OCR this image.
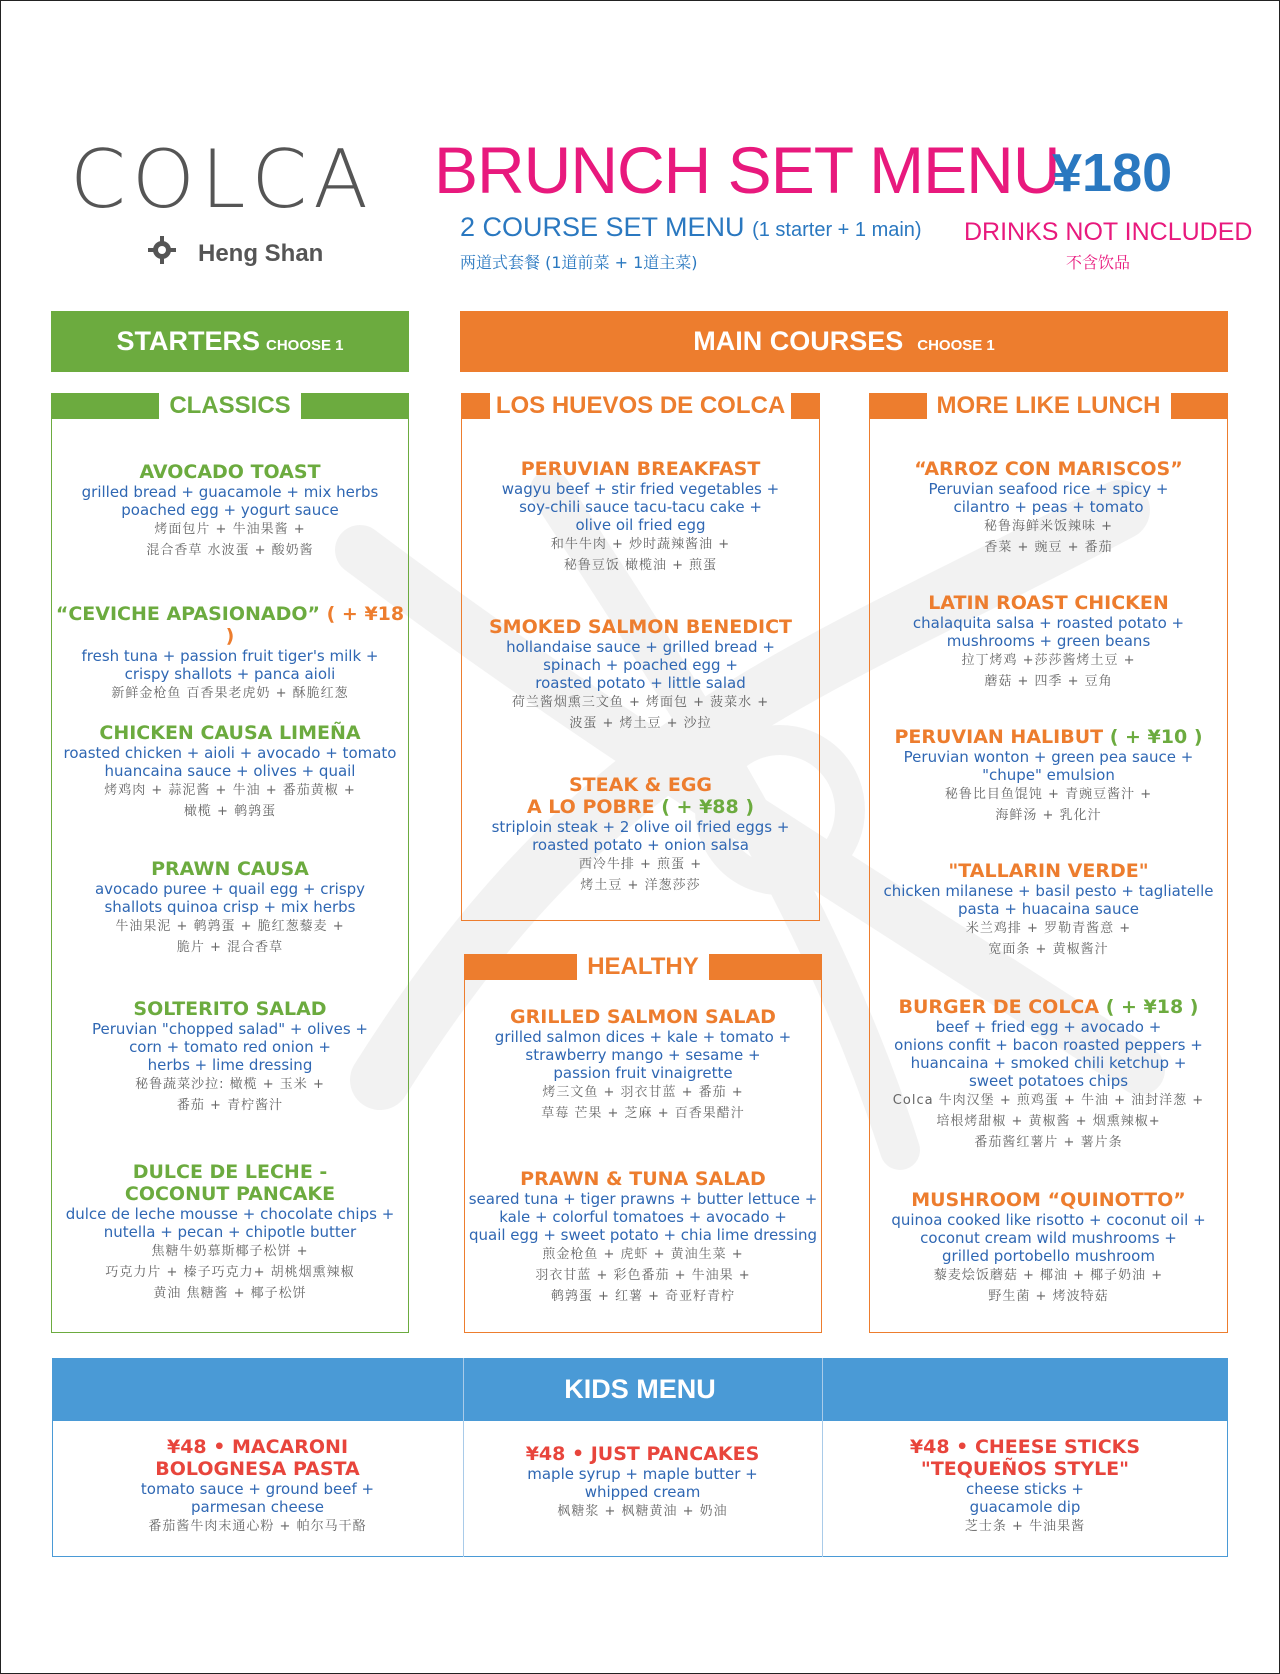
COLCA
Heng Shan
BRUNCH SET MENU
¥180
2 COURSE SET MENU (1 starter + 1 main)
两道式套餐 (1道前菜 + 1道主菜)
DRINKS NOT INCLUDED
不含饮品
STARTERS CHOOSE 1	MAIN COURSES CHOOSE 1
CLASSICS
AVOCADO TOAST
grilled bread + guacamole + mix herbs
poached egg + yogurt sauce
烤面包片 + 牛油果酱 +
混合香草 水波蛋 + 酸奶酱
“CEVICHE APASIONADO” ( + ¥18 )
fresh tuna + passion fruit tiger's milk +
crispy shallots + panca aioli
新鲜金枪鱼 百香果老虎奶 + 酥脆红葱
CHICKEN CAUSA LIMEÑA
roasted chicken + aioli + avocado + tomato
huancaina sauce + olives + quail
烤鸡肉 + 蒜泥酱 + 牛油 + 番茄黄椒 +
橄榄 + 鹌鹑蛋
PRAWN CAUSA
avocado puree + quail egg + crispy
shallots quinoa crisp + mix herbs
牛油果泥 + 鹌鹑蛋 + 脆红葱藜麦 +
脆片 + 混合香草
SOLTERITO SALAD
Peruvian "chopped salad" + olives +
corn + tomato red onion +
herbs + lime dressing
秘鲁蔬菜沙拉: 橄榄 + 玉米 +
番茄 + 青柠酱汁
DULCE DE LECHE -
COCONUT PANCAKE
dulce de leche mousse + chocolate chips +
nutella + pecan + chipotle butter
焦糖牛奶慕斯椰子松饼 +
巧克力片 + 榛子巧克力+ 胡桃烟熏辣椒
黄油 焦糖酱 + 椰子松饼
LOS HUEVOS DE COLCA
PERUVIAN BREAKFAST
wagyu beef + stir fried vegetables +
soy-chili sauce tacu-tacu cake +
olive oil fried egg
和牛牛肉 + 炒时蔬辣酱油 +
秘鲁豆饭 橄榄油 + 煎蛋
SMOKED SALMON BENEDICT
hollandaise sauce + grilled bread +
spinach + poached egg +
roasted potato + little salad
荷兰酱烟熏三文鱼 + 烤面包 + 菠菜水 +
波蛋 + 烤土豆 + 沙拉
STEAK & EGG
A LO POBRE ( + ¥88 )
striploin steak + 2 olive oil fried eggs +
roasted potato + onion salsa
西冷牛排 + 煎蛋 +
烤土豆 + 洋葱莎莎
HEALTHY
GRILLED SALMON SALAD
grilled salmon dices + kale + tomato +
strawberry mango + sesame +
passion fruit vinaigrette
烤三文鱼 + 羽衣甘蓝 + 番茄 +
草莓 芒果 + 芝麻 + 百香果醋汁
PRAWN & TUNA SALAD
seared tuna + tiger prawns + butter lettuce +
kale + colorful tomatoes + avocado +
quail egg + sweet potato + chia lime dressing
煎金枪鱼 + 虎虾 + 黄油生菜 +
羽衣甘蓝 + 彩色番茄 + 牛油果 +
鹌鹑蛋 + 红薯 + 奇亚籽青柠
MORE LIKE LUNCH
“ARROZ CON MARISCOS”
Peruvian seafood rice + spicy +
cilantro + peas + tomato
秘鲁海鲜米饭辣味 +
香菜 + 豌豆 + 番茄
LATIN ROAST CHICKEN
chalaquita salsa + roasted potato +
mushrooms + green beans
拉丁烤鸡 +莎莎酱烤土豆 +
蘑菇 + 四季 + 豆角
PERUVIAN HALIBUT ( + ¥10 )
Peruvian wonton + green pea sauce +
"chupe" emulsion
秘鲁比目鱼馄饨 + 青豌豆酱汁 +
海鲜汤 + 乳化汁
"TALLARIN VERDE"
chicken milanese + basil pesto + tagliatelle
pasta + huacaina sauce
米兰鸡排 + 罗勒青酱意 +
宽面条 + 黄椒酱汁
BURGER DE COLCA ( + ¥18 )
beef + fried egg + avocado +
onions confit + bacon roasted peppers +
huancaina + smoked chili ketchup +
sweet potatoes chips
Colca 牛肉汉堡 + 煎鸡蛋 + 牛油 + 油封洋葱 +
培根烤甜椒 + 黄椒酱 + 烟熏辣椒+
番茄酱红薯片 + 薯片条
MUSHROOM “QUINOTTO”
quinoa cooked like risotto + coconut oil +
coconut cream wild mushrooms +
grilled portobello mushroom
藜麦烩饭蘑菇 + 椰油 + 椰子奶油 +
野生菌 + 烤波特菇
KIDS MENU
¥48 • MACARONI
BOLOGNESA PASTA
tomato sauce + ground beef +
parmesan cheese
番茄酱牛肉末通心粉 + 帕尔马干酪
¥48 • JUST PANCAKES
maple syrup + maple butter +
whipped cream
枫糖浆 + 枫糖黄油 + 奶油
¥48 • CHEESE STICKS
"TEQUEÑOS STYLE"
cheese sticks +
guacamole dip
芝士条 + 牛油果酱
